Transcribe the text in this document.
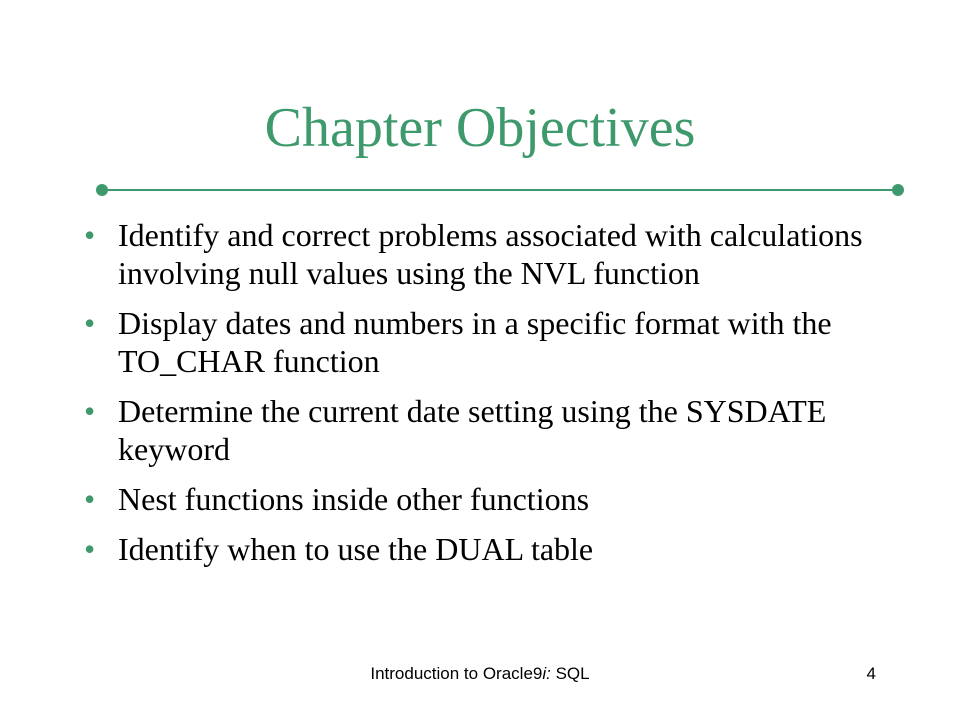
Chapter Objectives
• Identify and correct problems associated with calculations involving null values using the NVL function
• Display dates and numbers in a specific format with the TO_CHAR function
• Determine the current date setting using the SYSDATE keyword
• Nest functions inside other functions
• Identify when to use the DUAL table
Introduction to Oracle9i: SQL	4
